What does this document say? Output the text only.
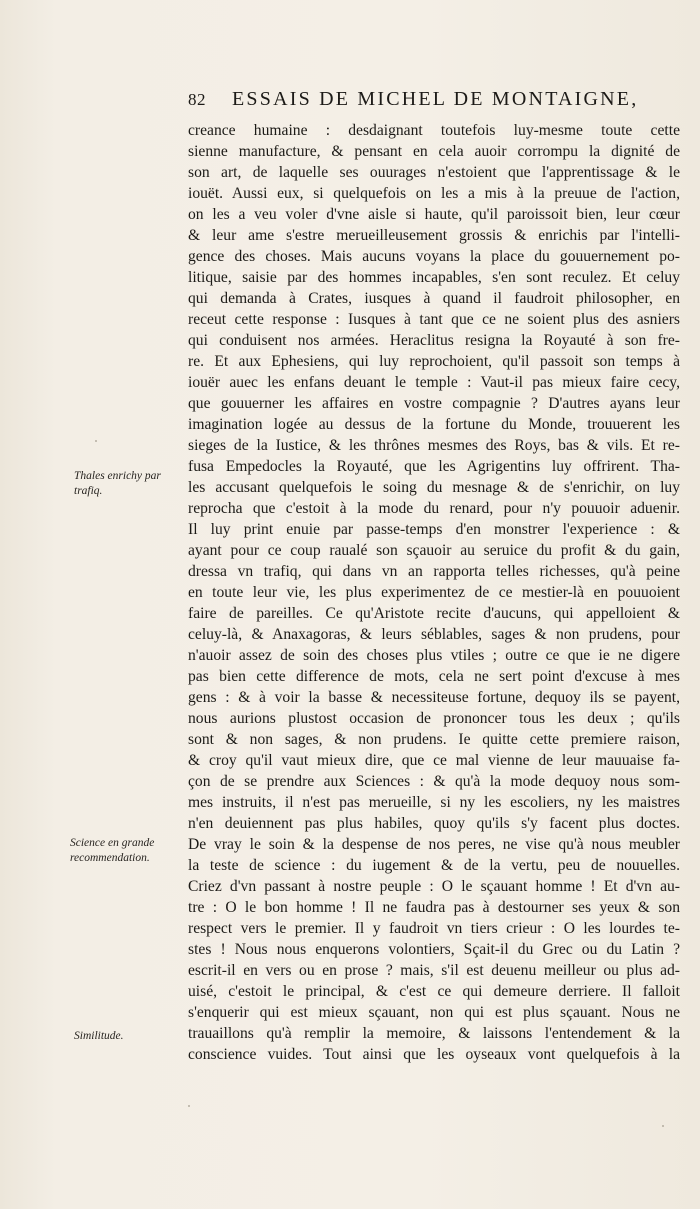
82 ESSAIS DE MICHEL DE MONTAIGNE,
Thales enrichy par trafiq.
Science en grande recommendation.
Similitude.
creance humaine : desdaignant toutefois luy-mesme toute cette
sienne manufacture, & pensant en cela auoir corrompu la dignité de
son art, de laquelle ses ouurages n'estoient que l'apprentissage & le
iouët. Aussi eux, si quelquefois on les a mis à la preuue de l'action,
on les a veu voler d'vne aisle si haute, qu'il paroissoit bien, leur cœur
& leur ame s'estre merueilleusement grossis & enrichis par l'intelli-
gence des choses. Mais aucuns voyans la place du gouuernement po-
litique, saisie par des hommes incapables, s'en sont reculez. Et celuy
qui demanda à Crates, iusques à quand il faudroit philosopher, en
receut cette response : Iusques à tant que ce ne soient plus des asniers
qui conduisent nos armées. Heraclitus resigna la Royauté à son fre-
re. Et aux Ephesiens, qui luy reprochoient, qu'il passoit son temps à
iouër auec les enfans deuant le temple : Vaut-il pas mieux faire cecy,
que gouuerner les affaires en vostre compagnie ? D'autres ayans leur
imagination logée au dessus de la fortune du Monde, trouuerent les
sieges de la Iustice, & les thrônes mesmes des Roys, bas & vils. Et re-
fusa Empedocles la Royauté, que les Agrigentins luy offrirent. Tha-
les accusant quelquefois le soing du mesnage & de s'enrichir, on luy
reprocha que c'estoit à la mode du renard, pour n'y pouuoir aduenir.
Il luy print enuie par passe-temps d'en monstrer l'experience : &
ayant pour ce coup raualé son sçauoir au seruice du profit & du gain,
dressa vn trafiq, qui dans vn an rapporta telles richesses, qu'à peine
en toute leur vie, les plus experimentez de ce mestier-là en pouuoient
faire de pareilles. Ce qu'Aristote recite d'aucuns, qui appelloient &
celuy-là, & Anaxagoras, & leurs séblables, sages & non prudens, pour
n'auoir assez de soin des choses plus vtiles ; outre ce que ie ne digere
pas bien cette difference de mots, cela ne sert point d'excuse à mes
gens : & à voir la basse & necessiteuse fortune, dequoy ils se payent,
nous aurions plustost occasion de prononcer tous les deux ; qu'ils
sont & non sages, & non prudens. Ie quitte cette premiere raison,
& croy qu'il vaut mieux dire, que ce mal vienne de leur mauuaise fa-
çon de se prendre aux Sciences : & qu'à la mode dequoy nous som-
mes instruits, il n'est pas merueille, si ny les escoliers, ny les maistres
n'en deuiennent pas plus habiles, quoy qu'ils s'y facent plus doctes.
De vray le soin & la despense de nos peres, ne vise qu'à nous meubler
la teste de science : du iugement & de la vertu, peu de nouuelles.
Criez d'vn passant à nostre peuple : O le sçauant homme ! Et d'vn au-
tre : O le bon homme ! Il ne faudra pas à destourner ses yeux & son
respect vers le premier. Il y faudroit vn tiers crieur : O les lourdes te-
stes ! Nous nous enquerons volontiers, Sçait-il du Grec ou du Latin ?
escrit-il en vers ou en prose ? mais, s'il est deuenu meilleur ou plus ad-
uisé, c'estoit le principal, & c'est ce qui demeure derriere. Il falloit
s'enquerir qui est mieux sçauant, non qui est plus sçauant. Nous ne
trauaillons qu'à remplir la memoire, & laissons l'entendement & la
conscience vuides. Tout ainsi que les oyseaux vont quelquefois à la
